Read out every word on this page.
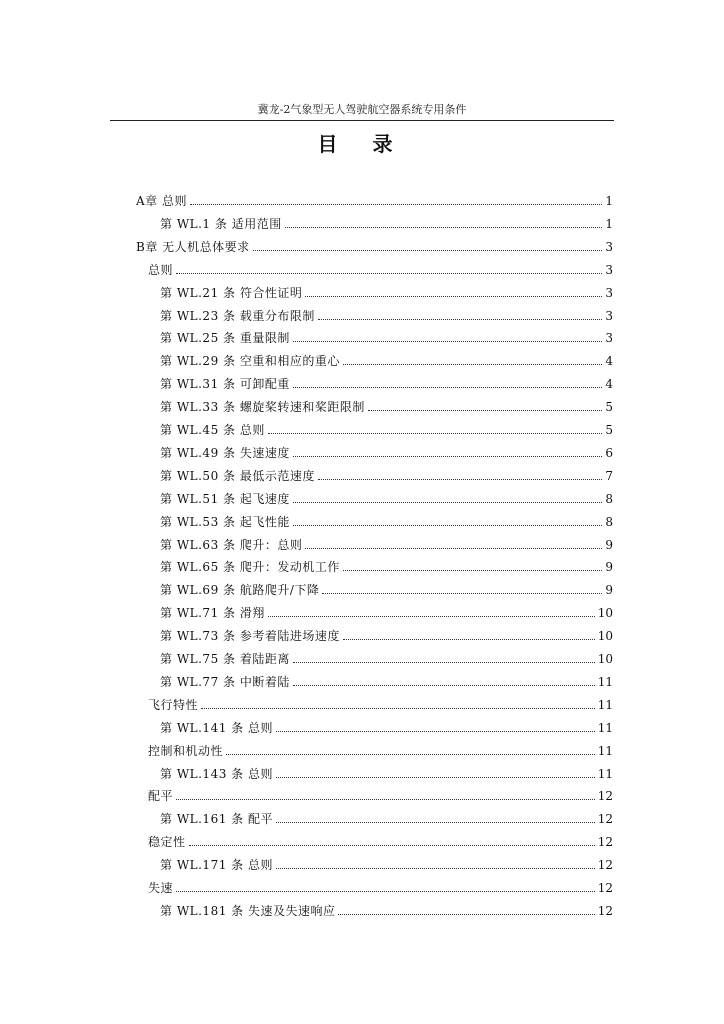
冀龙-2气象型无人驾驶航空器系统专用条件
目 录
A章 总则	1
第 WL.1 条 适用范围	1
B章 无人机总体要求	3
总则	3
第 WL.21 条 符合性证明	3
第 WL.23 条 载重分布限制	3
第 WL.25 条 重量限制	3
第 WL.29 条 空重和相应的重心	4
第 WL.31 条 可卸配重	4
第 WL.33 条 螺旋桨转速和桨距限制	5
第 WL.45 条 总则	5
第 WL.49 条 失速速度	6
第 WL.50 条 最低示范速度	7
第 WL.51 条 起飞速度	8
第 WL.53 条 起飞性能	8
第 WL.63 条 爬升：总则	9
第 WL.65 条 爬升：发动机工作	9
第 WL.69 条 航路爬升/下降	9
第 WL.71 条 滑翔	10
第 WL.73 条 参考着陆进场速度	10
第 WL.75 条 着陆距离	10
第 WL.77 条 中断着陆	11
飞行特性	11
第 WL.141 条 总则	11
控制和机动性	11
第 WL.143 条 总则	11
配平	12
第 WL.161 条 配平	12
稳定性	12
第 WL.171 条 总则	12
失速	12
第 WL.181 条 失速及失速响应	12
